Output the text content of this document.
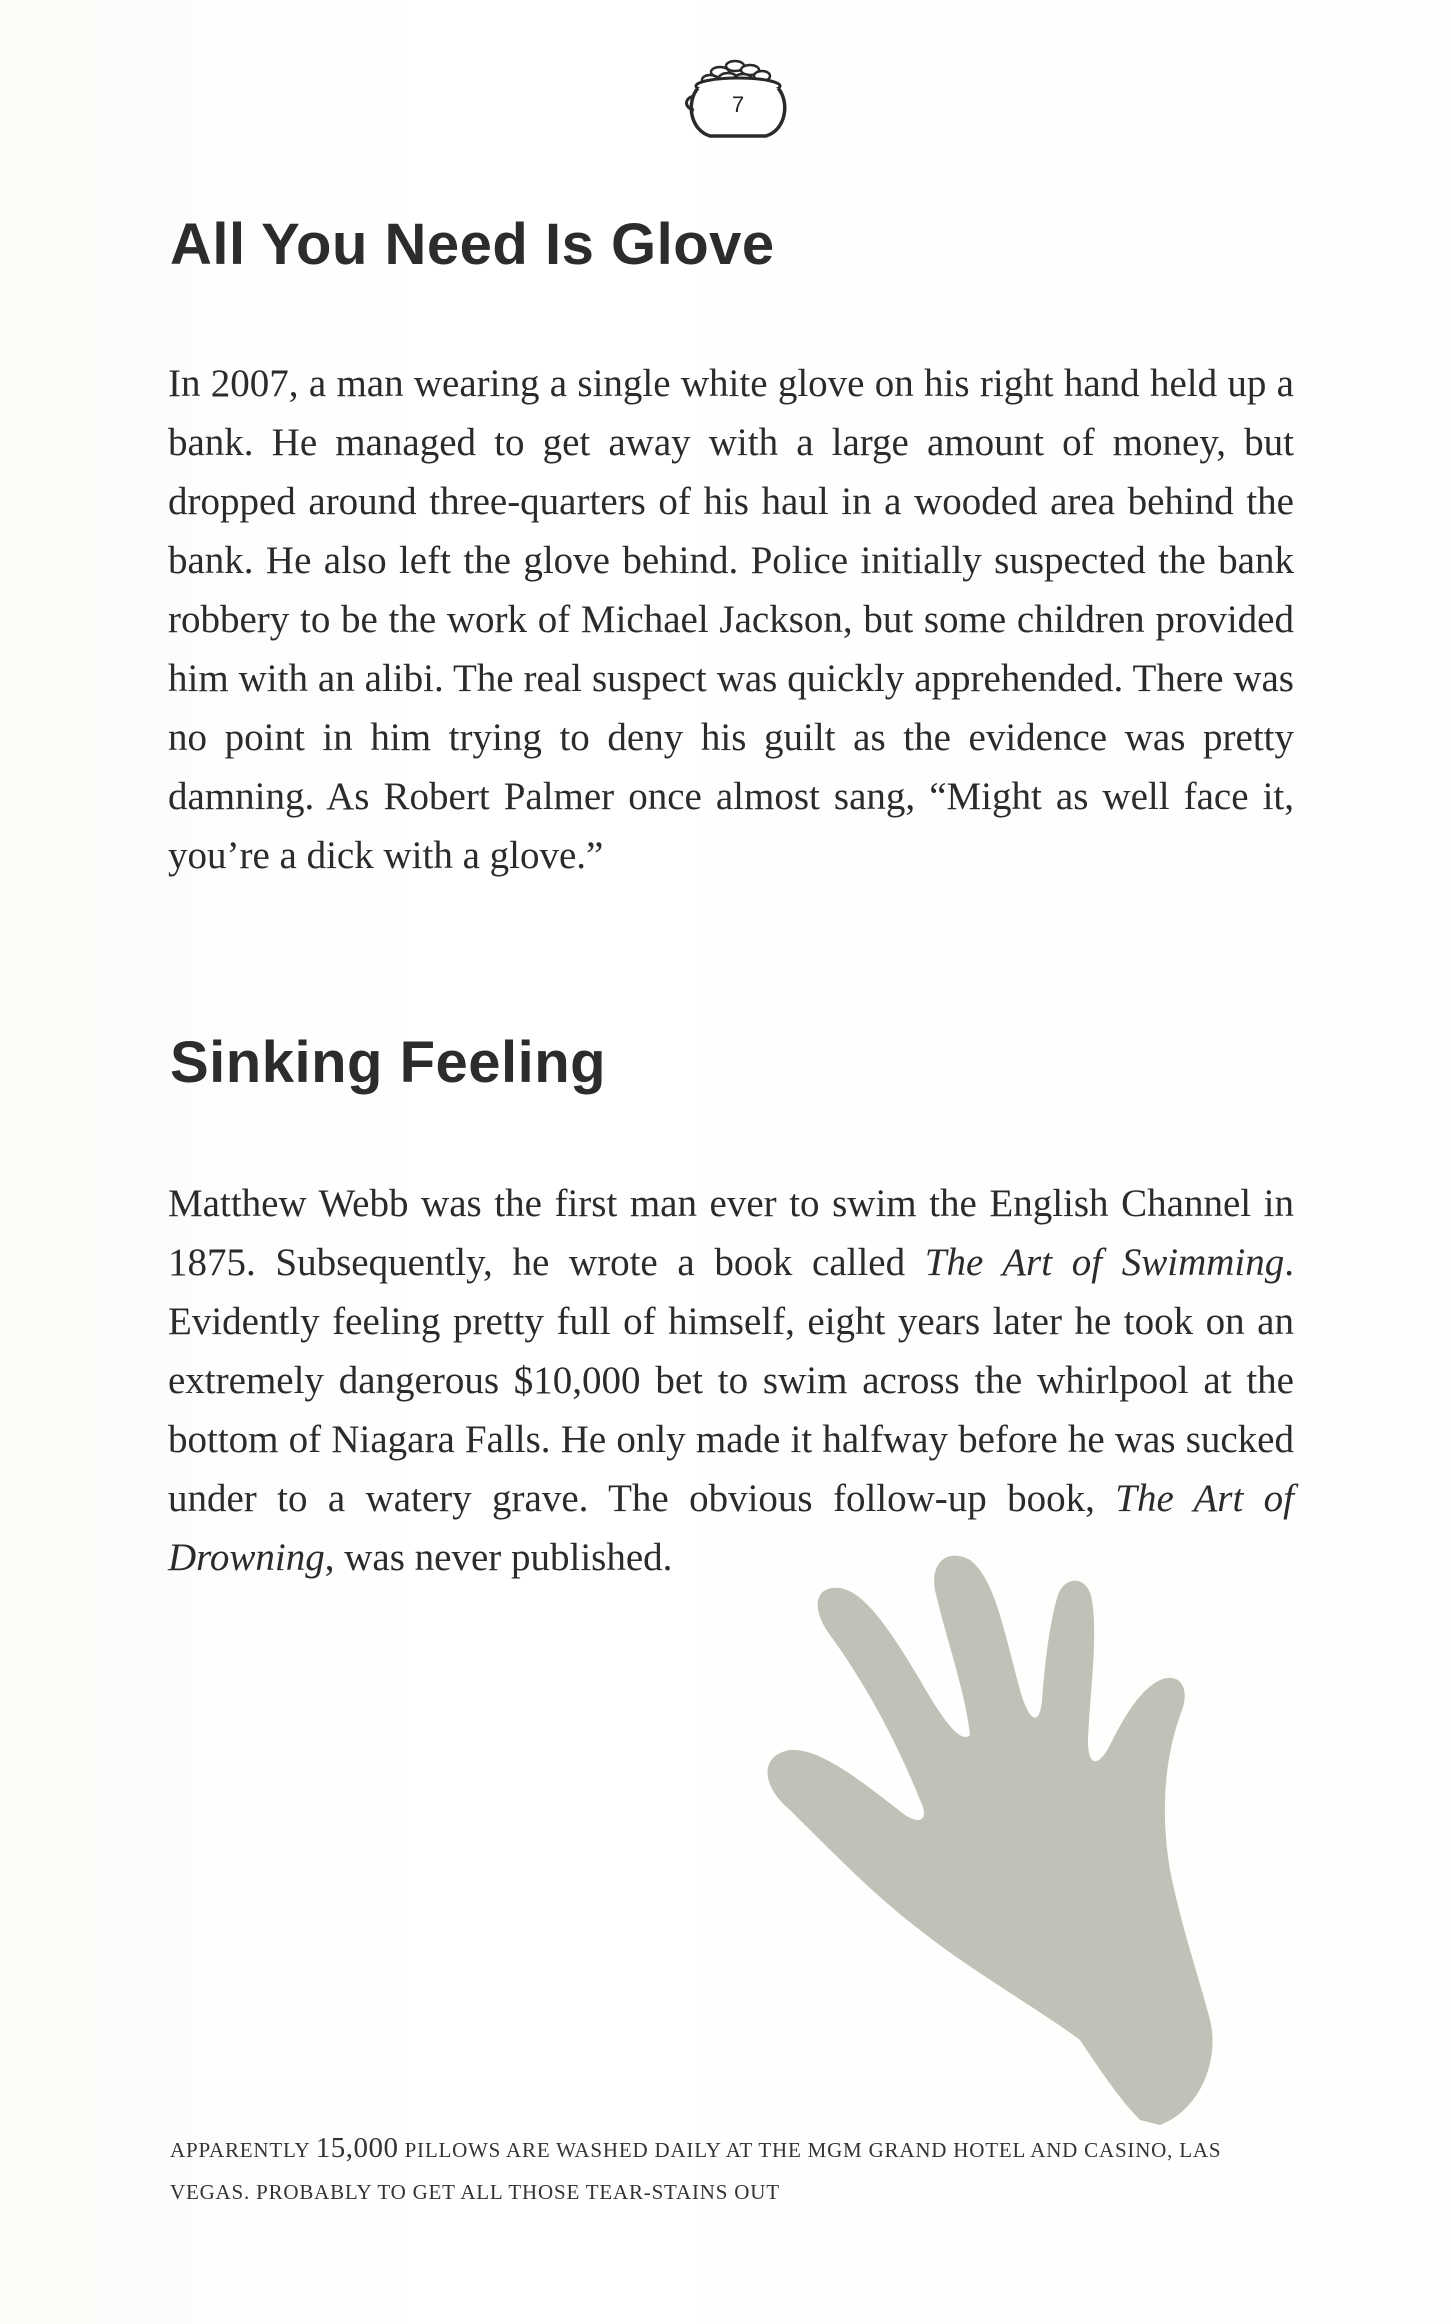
7
All You Need Is Glove

In 2007, a man wearing a single white glove on his right hand held up a bank. He managed to get away with a large amount of money, but dropped around three-quarters of his haul in a wooded area behind the bank. He also left the glove behind. Police initially suspected the bank robbery to be the work of Michael Jackson, but some children provided him with an alibi. The real suspect was quickly apprehended. There was no point in him trying to deny his guilt as the evidence was pretty damning. As Robert Palmer once almost sang, “Might as well face it, you’re a dick with a glove.”

Sinking Feeling

Matthew Webb was the first man ever to swim the English Channel in 1875. Subsequently, he wrote a book called The Art of Swimming. Evidently feeling pretty full of himself, eight years later he took on an extremely dangerous $10,000 bet to swim across the whirlpool at the bottom of Niagara Falls. He only made it halfway before he was sucked under to a watery grave. The obvious follow-up book, The Art of Drowning, was never published.

APPARENTLY 15,000 PILLOWS ARE WASHED DAILY AT THE MGM GRAND HOTEL AND CASINO, LAS VEGAS. PROBABLY TO GET ALL THOSE TEAR-STAINS OUT
